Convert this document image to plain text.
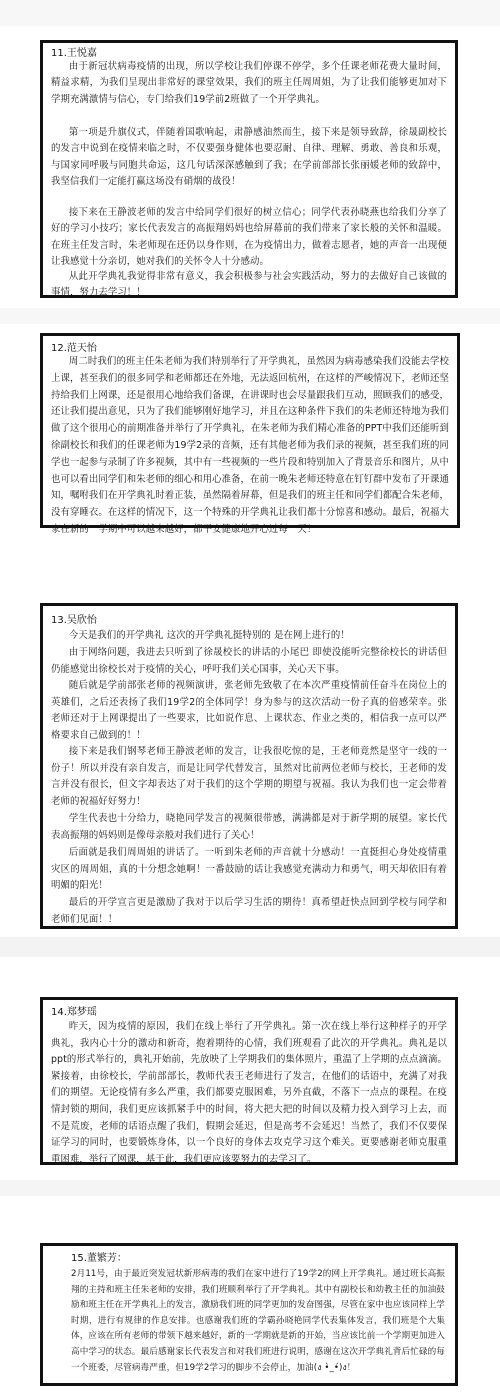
11.王悦嘉
由于新冠状病毒疫情的出现，所以学校让我们停课不停学，多个任课老师花费大量时间，精益求精，为我们呈现出非常好的课堂效果，我们的班主任周周姐，为了让我们能够更加对下学期充满激情与信心，专门给我们19学前2班做了一个开学典礼。
第一项是升旗仪式，伴随着国歌响起，肃静感油然而生，接下来是领导致辞，徐晟副校长的发言中说到在疫情来临之时，不仅要强身健体也要忍耐、自律、理解、勇敢、善良和乐观，与国家同呼吸与同胞共命运，这几句话深深感触到了我；在学前部部长张丽媛老师的致辞中，我坚信我们一定能打赢这场没有硝烟的战役！
接下来在王静波老师的发言中给同学们很好的树立信心；同学代表孙晓燕也给我们分享了好的学习小技巧；家长代表发言的高振翔妈妈也给屏幕前的我们带来了家长般的关怀和温暖。在班主任发言时，朱老师现在还仍以身作则，在为疫情出力，做着志愿者，她的声音一出现便让我感觉十分亲切，她对我们的关怀令人十分感动。
从此开学典礼我觉得非常有意义，我会积极参与社会实践活动，努力的去做好自己该做的事情，努力去学习！！
12.范天怡
周二时我们的班主任朱老师为我们特别举行了开学典礼，虽然因为病毒感染我们没能去学校上课，甚至我们的很多同学和老师都还在外地，无法返回杭州，在这样的严峻情况下，老师还坚持给我们上网课，还是很用心地给我们备课，在讲课时也会尽量跟我们互动，照顾我们的感受，还让我们提出意见，只为了我们能够刚好地学习，并且在这种条件下我们的朱老师还特地为我们做了这个很用心的前期准备并举行了开学典礼，在朱老师为我们精心准备的PPT中我们还能听到徐副校长和我们的任课老师为19学2录的音频，还有其他老师为我们录的视频，甚至我们班的同学也一起参与录制了许多视频，其中有一些视频的一些片段和特别加入了背景音乐和图片，从中也可以看出同学们和朱老师的细心和用心准备，在前一晚朱老师还特意在钉钉群中发布了开课通知，嘱咐我们在开学典礼时着正装，虽然隔着屏幕，但是我们的班主任和同学们都配合朱老师，没有穿睡衣。在这样的情况下，这一个特殊的开学典礼让我们都十分惊喜和感动。最后，祝福大家在新的一学期中可以越来越好，都平安健康地开心过每一天！
13.吴欣怡
今天是我们的开学典礼 这次的开学典礼挺特别的 是在网上进行的！
由于网络问题，我进去只听到了徐晟校长的讲话的小尾巴 即使没能听完整徐校长的讲话但仍能感觉出徐校长对于疫情的关心，呼吁我们关心国事，关心天下事。
随后就是学前部张老师的视频演讲，张老师先致敬了在本次严重疫情前任奋斗在岗位上的英雄们，之后还表扬了我们19学2的全体同学！身为参与的这次活动一份子真的倍感荣幸。张老师还对于上网课提出了一些要求，比如说作息、上课状态、作业之类的，相信我一点可以严格要求自己做到的！！
接下来是我们钢琴老师王静波老师的发言，让我很吃惊的是，王老师竟然是坚守一线的一份子！所以并没有亲自发言，而是让同学代替发言，虽然对比前两位老师与校长，王老师的发言并没有很长，但文字却表达了对于我们的这个学期的期望与祝福。我认为我们也一定会带着老师的祝福好好努力！
学生代表也十分给力，晓艳同学发言的视频很带感，满满都是对于新学期的展望。家长代表高振翔的妈妈则是像母亲般对我们进行了关心！
后面就是我们周周姐的讲话了。一听到朱老师的声音就十分感动！一直挺担心身处疫情重灾区的周周姐，真的十分想念她啊！一番鼓励的话让我感觉充满动力和勇气，明天却依旧有着明媚的阳光！
最后的开学宣言更是激励了我对于以后学习生活的期待！真希望赶快点回到学校与同学和老师们见面！！
14.郑梦瑶
昨天，因为疫情的原因，我们在线上举行了开学典礼。第一次在线上举行这种样子的开学典礼，我内心十分的激动和新奇，抱着期待的心情，我们班观看了此次的开学典礼。典礼是以ppt的形式举行的，典礼开始前，先放映了上学期我们的集体照片，重温了上学期的点点滴滴。紧接着，由徐校长，学前部部长，教师代表王老师进行了发言，在他们的话语中，充满了对我们的期望。无论疫情有多么严重，我们都要克服困难，另外直截，不落下一点点的课程。在疫情封锁的期间，我们更应该抓紧手中的时间，将大把大把的时间以及精力投入到学习上去，而不是荒废，老师的话语点醒了我们，假期会延迟，但是高考不会延迟！当然了，我们不仅要保证学习的同时，也要锻炼身体，以一个良好的身体去攻克学习这个难关。更要感谢老师克服重重困难，举行了网课，基于此，我们更应该要努力的去学习了。
15.董繁芳：
2月11号，由于最近突发冠状新形病毒的我们在家中进行了19学2的网上开学典礼。通过班长高振翔的主持和班主任朱老师的安排，我们班顺利举行了开学典礼。其中有副校长和幼教主任的加油鼓励和班主任在开学典礼上的发言，激励我们班的同学更加的发奋图强，尽管在家中也应该同样上学时期，进行有规律的作息安排。也感谢我们班的学霸孙晓艳同学代表集体发言，我们班是个大集体，应该在所有老师的带领下越来越好，新的一学期就是新的开始，当应该比前一个学期更加进入高中学习的状态。最后感谢家长代表发言和对我们班进行说明，感谢在这次开学典礼背后忙碌的每一个班委，尽管病毒严重，但19学2学习的脚步不会停止，加油(ง •̀_•́)ง！
